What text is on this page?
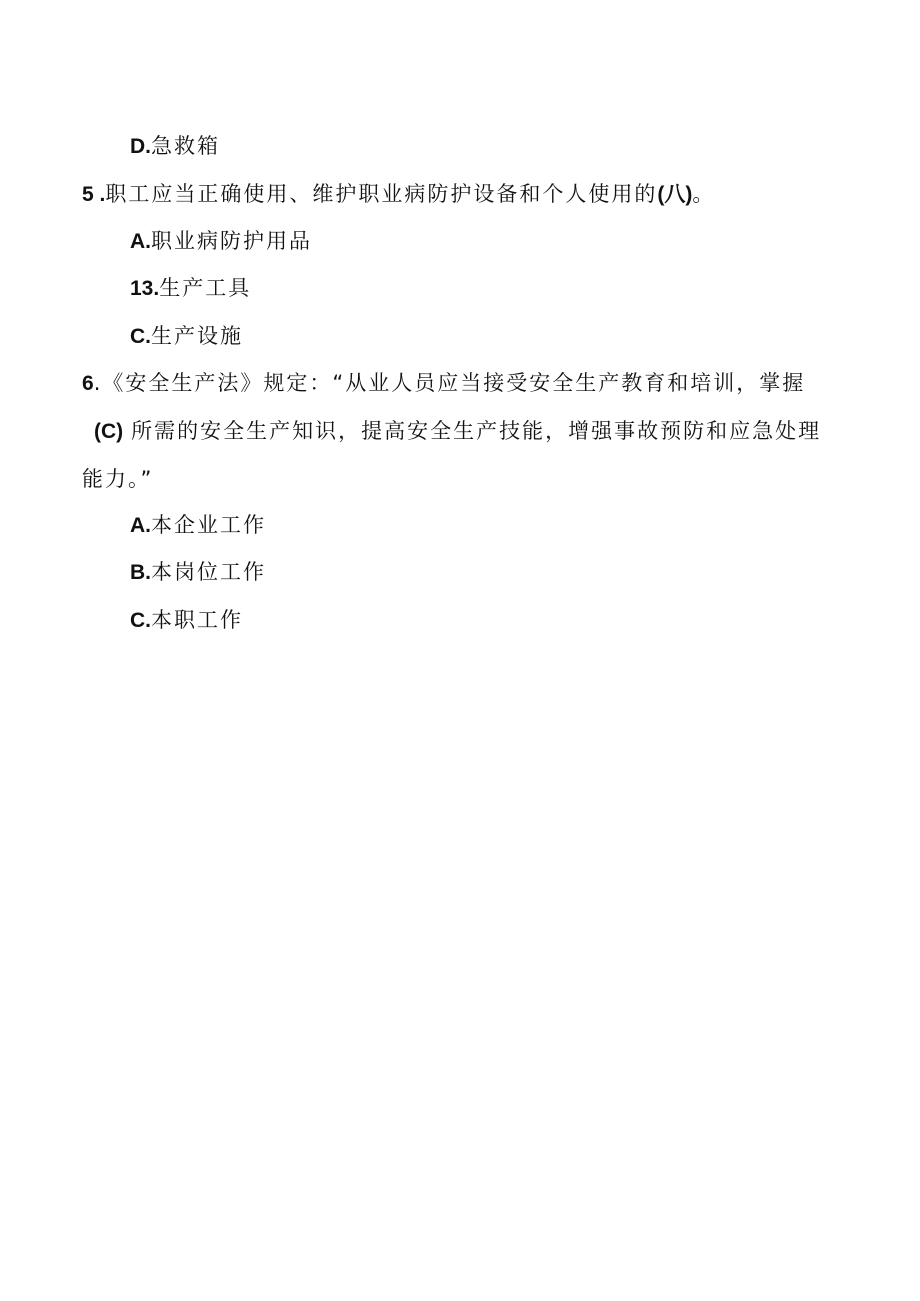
D.急救箱
5 .职工应当正确使用、维护职业病防护设备和个人使用的(八)。
A.职业病防护用品
13.生产工具
C.生产设施
6.《安全生产法》规定：“从业人员应当接受安全生产教育和培训，掌握
(C) 所需的安全生产知识，提高安全生产技能，增强事故预防和应急处理
能力。”
A.本企业工作
B.本岗位工作
C.本职工作
